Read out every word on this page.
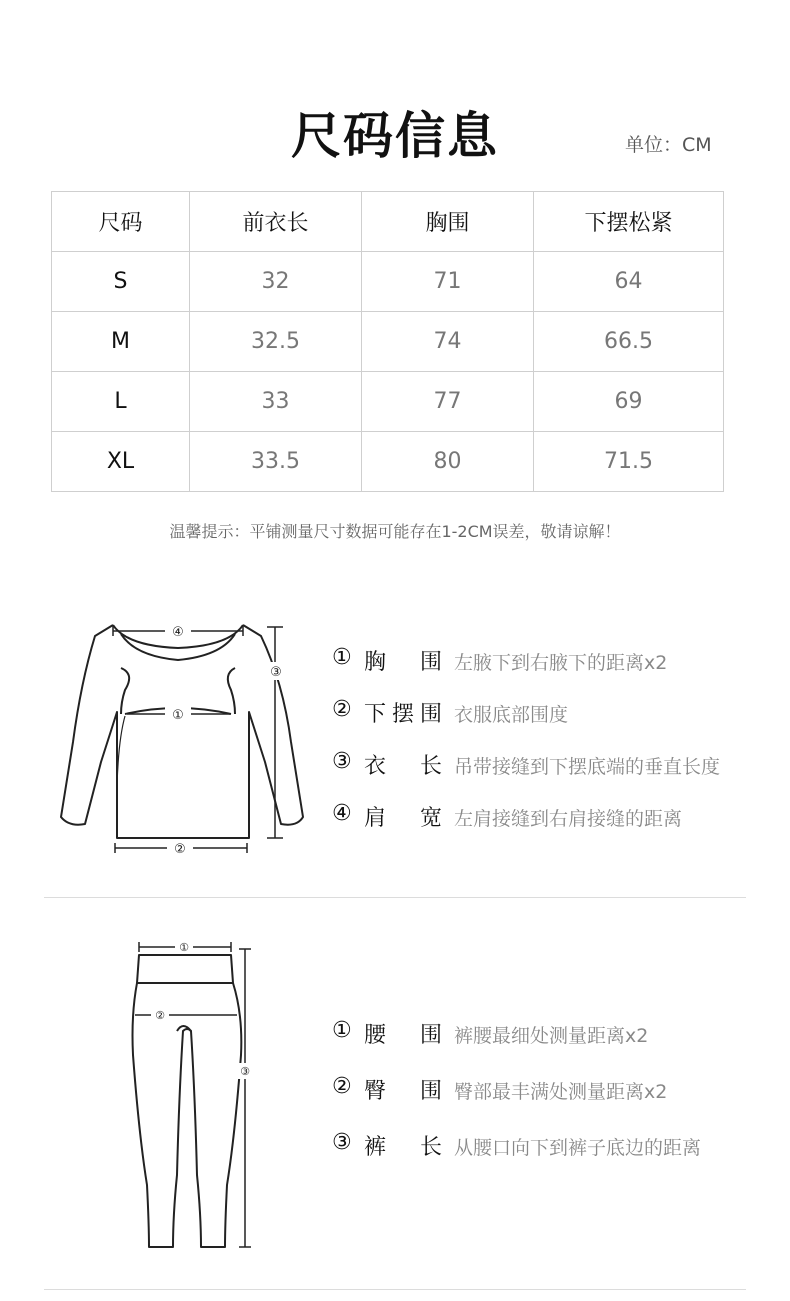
尺码信息	单位：CM
尺码	前衣长	胸围	下摆松紧
S	32	71	64
M	32.5	74	66.5
L	33	77	69
XL	33.5	80	71.5
温馨提示：平铺测量尺寸数据可能存在1-2CM误差，敬请谅解！
④
①
②
③
① 胸 围 左腋下到右腋下的距离x2
② 下 摆 围 衣服底部围度
③ 衣 长 吊带接缝到下摆底端的垂直长度
④ 肩 宽 左肩接缝到右肩接缝的距离
①
②
③
① 腰 围 裤腰最细处测量距离x2
② 臀 围 臀部最丰满处测量距离x2
③ 裤 长 从腰口向下到裤子底边的距离
